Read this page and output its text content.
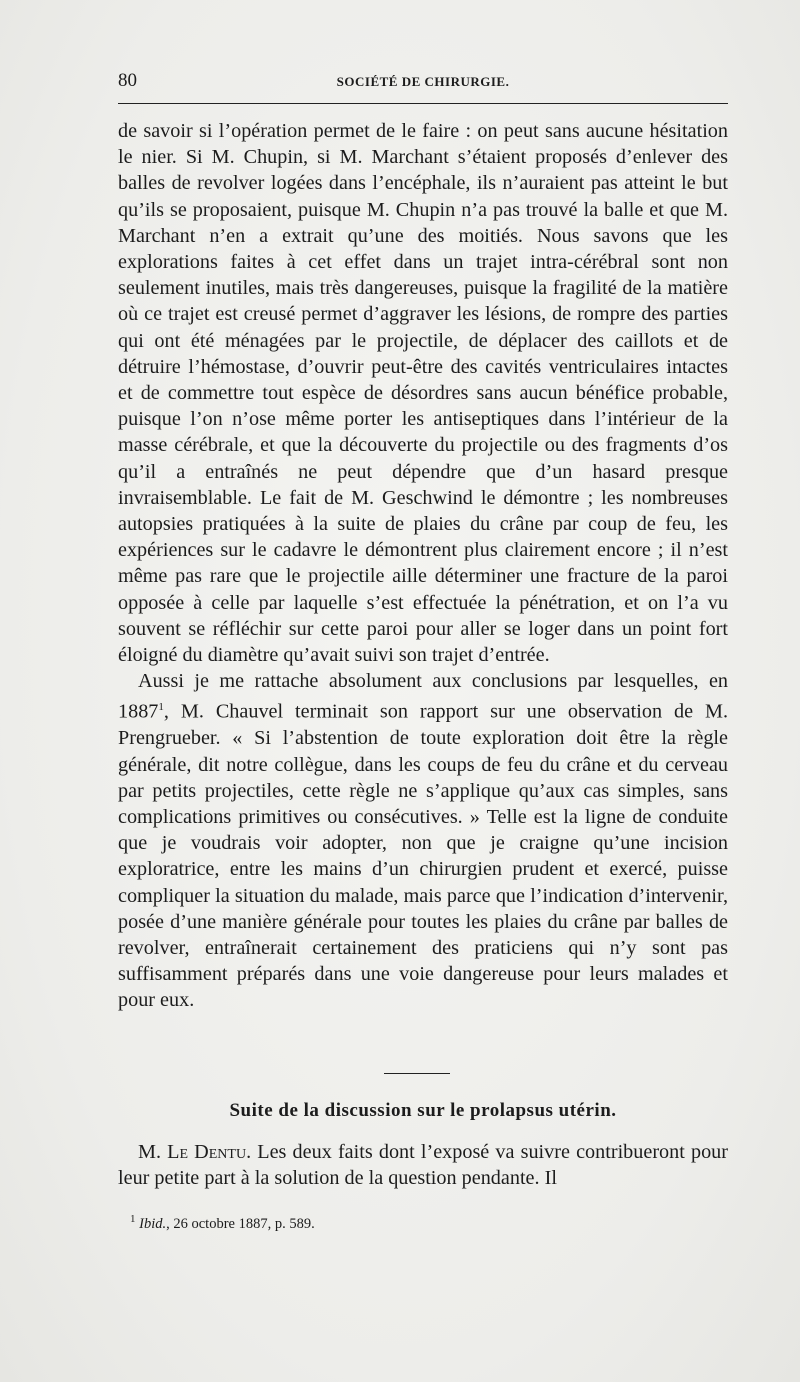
80	SOCIÉTÉ DE CHIRURGIE.

de savoir si l’opération permet de le faire : on peut sans aucune hésitation le nier. Si M. Chupin, si M. Marchant s’étaient proposés d’enlever des balles de revolver logées dans l’encéphale, ils n’auraient pas atteint le but qu’ils se proposaient, puisque M. Chupin n’a pas trouvé la balle et que M. Marchant n’en a extrait qu’une des moitiés. Nous savons que les explorations faites à cet effet dans un trajet intra-cérébral sont non seulement inutiles, mais très dangereuses, puisque la fragilité de la matière où ce trajet est creusé permet d’aggraver les lésions, de rompre des parties qui ont été ménagées par le projectile, de déplacer des caillots et de détruire l’hémostase, d’ouvrir peut-être des cavités ventriculaires intactes et de commettre tout espèce de désordres sans aucun bénéfice probable, puisque l’on n’ose même porter les antiseptiques dans l’intérieur de la masse cérébrale, et que la découverte du projectile ou des fragments d’os qu’il a entraînés ne peut dépendre que d’un hasard presque invraisemblable. Le fait de M. Geschwind le démontre ; les nombreuses autopsies pratiquées à la suite de plaies du crâne par coup de feu, les expériences sur le cadavre le démontrent plus clairement encore ; il n’est même pas rare que le projectile aille déterminer une fracture de la paroi opposée à celle par laquelle s’est effectuée la pénétration, et on l’a vu souvent se réfléchir sur cette paroi pour aller se loger dans un point fort éloigné du diamètre qu’avait suivi son trajet d’entrée.

Aussi je me rattache absolument aux conclusions par lesquelles, en 1887$^1$, M. Chauvel terminait son rapport sur une observation de M. Prengrueber. « Si l’abstention de toute exploration doit être la règle générale, dit notre collègue, dans les coups de feu du crâne et du cerveau par petits projectiles, cette règle ne s’applique qu’aux cas simples, sans complications primitives ou consécutives. » Telle est la ligne de conduite que je voudrais voir adopter, non que je craigne qu’une incision exploratrice, entre les mains d’un chirurgien prudent et exercé, puisse compliquer la situation du malade, mais parce que l’indication d’intervenir, posée d’une manière générale pour toutes les plaies du crâne par balles de revolver, entraînerait certainement des praticiens qui n’y sont pas suffisamment préparés dans une voie dangereuse pour leurs malades et pour eux.

Suite de la discussion sur le prolapsus utérin.

M. Le Dentu. Les deux faits dont l’exposé va suivre contribueront pour leur petite part à la solution de la question pendante. Il

$^1$ Ibid., 26 octobre 1887, p. 589.
